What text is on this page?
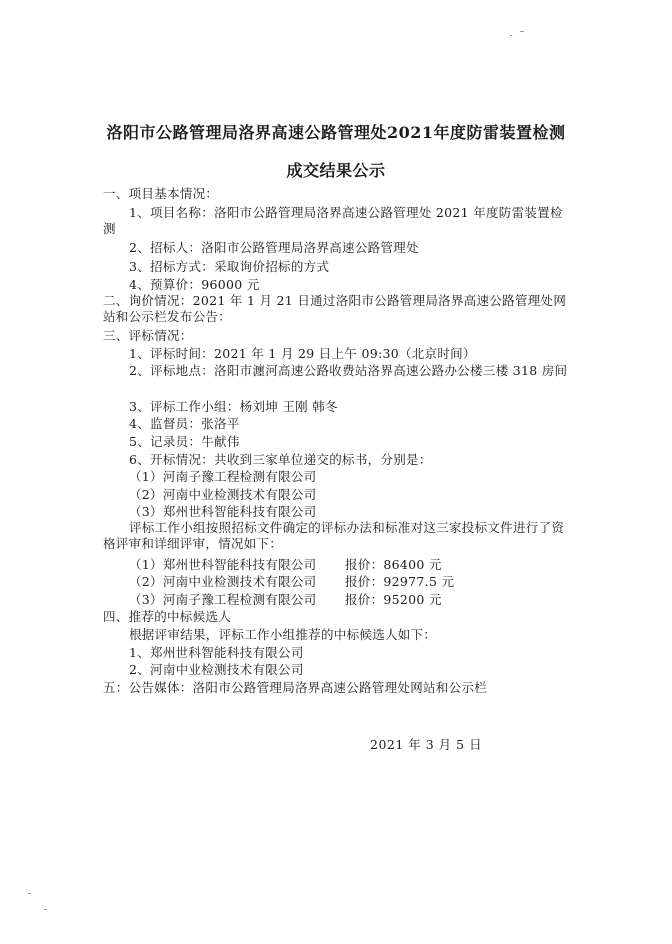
洛阳市公路管理局洛界高速公路管理处2021年度防雷装置检测
成交结果公示
一、项目基本情况：
1、项目名称：洛阳市公路管理局洛界高速公路管理处 2021 年度防雷装置检测
2、招标人：洛阳市公路管理局洛界高速公路管理处
3、招标方式：采取询价招标的方式
4、预算价：96000 元
二、询价情况：2021 年 1 月 21 日通过洛阳市公路管理局洛界高速公路管理处网站和公示栏发布公告：
三、评标情况：
1、评标时间：2021 年 1 月 29 日上午 09:30（北京时间）
2、评标地点：洛阳市瀍河高速公路收费站洛界高速公路办公楼三楼 318 房间
3、评标工作小组：杨刘坤 王刚 韩冬
4、监督员：张洛平
5、记录员：牛献伟
6、开标情况：共收到三家单位递交的标书，分别是：
（1）河南子豫工程检测有限公司
（2）河南中业检测技术有限公司
（3）郑州世科智能科技有限公司
评标工作小组按照招标文件确定的评标办法和标准对这三家投标文件进行了资格评审和详细评审，情况如下：
（1）郑州世科智能科技有限公司 报价：86400 元
（2）河南中业检测技术有限公司 报价：92977.5 元
（3）河南子豫工程检测有限公司 报价：95200 元
四、推荐的中标候选人
根据评审结果，评标工作小组推荐的中标候选人如下：
1、郑州世科智能科技有限公司
2、河南中业检测技术有限公司
五：公告媒体：洛阳市公路管理局洛界高速公路管理处网站和公示栏
2021 年 3 月 5 日
